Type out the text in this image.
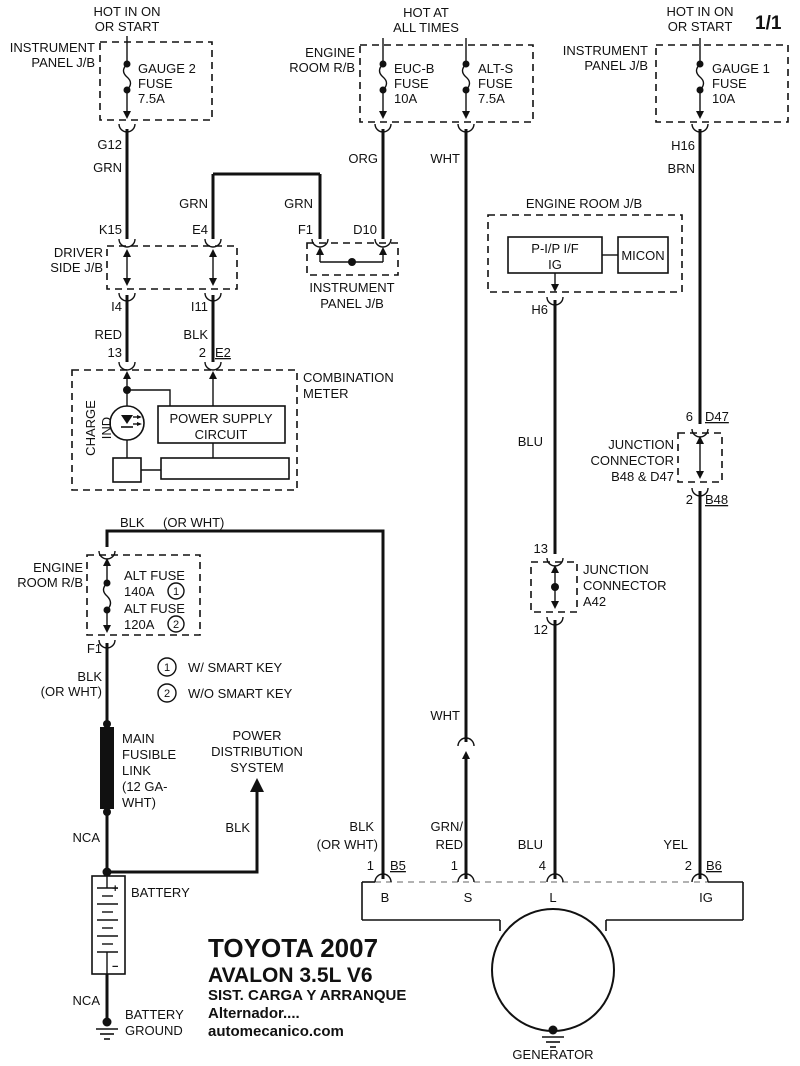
HOT IN ON
OR START
INSTRUMENT
PANEL J/B	GAUGE 2
FUSE
7.5A
HOT AT
ALL TIMES
ENGINE
ROOM R/B	EUC-B
FUSE
10A
ALT-S
FUSE
7.5A
HOT IN ON
OR START 1/1
INSTRUMENT
PANEL J/B	GAUGE 1
FUSE
10A
G12
GRN
K15
GRN
E4
DRIVER
SIDE J/B
I4	I11
RED	BLK
13	2 E2
ORG	WHT
GRN
F1	D10
INSTRUMENT
PANEL J/B
COMBINATION
METER
POWER SUPPLY
CIRCUIT
CHARGE IND
ENGINE ROOM J/B
P-I/P I/F
IG
MICON
H6
BLU
13
JUNCTION
CONNECTOR
A42
12
H16
BRN
6 D47
JUNCTION
CONNECTOR
B48 & D47
2 B48
WHT
BLK (OR WHT)
ENGINE
ROOM R/B	ALT FUSE
140A 1
ALT FUSE
120A 2
F1
BLK
(OR WHT)
1 W/ SMART KEY
2 W/O SMART KEY
MAIN
FUSIBLE
LINK
(12 GA-
WHT)
NCA
POWER
DISTRIBUTION
SYSTEM
BLK
+
−
BATTERY
NCA
BATTERY
GROUND
BLK
(OR WHT)
1 B5
GRN/
RED
1
BLU
4
YEL
2 B6
B	S	L	IG
GENERATOR
TOYOTA 2007
AVALON 3.5L V6
SIST. CARGA Y ARRANQUE
Alternador....
automecanico.com
